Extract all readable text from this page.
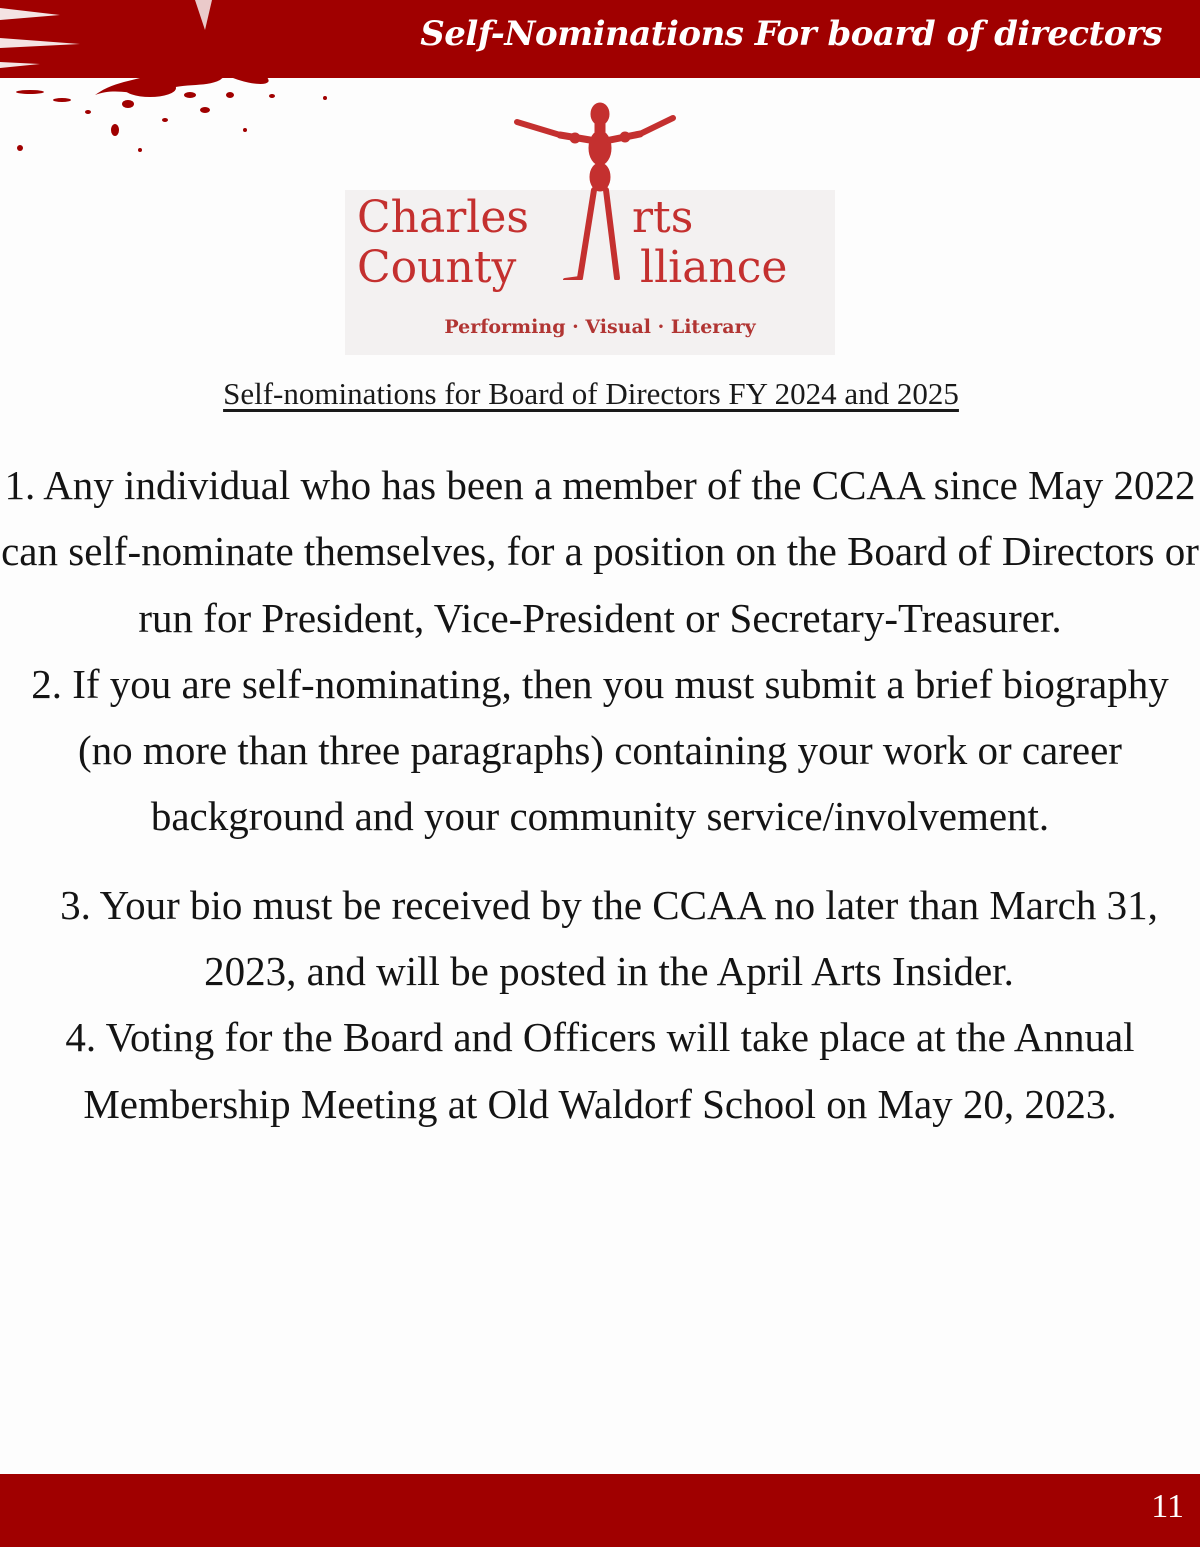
Self-Nominations For board of directors
Charles
County
rts
lliance
Performing · Visual · Literary
Self-nominations for Board of Directors FY 2024 and 2025

1. Any individual who has been a member of the CCAA since May 2022 can self-nominate themselves, for a position on the Board of Directors or run for President, Vice-President or Secretary-Treasurer.

2. If you are self-nominating, then you must submit a brief biography (no more than three paragraphs) containing your work or career background and your community service/involvement.

3. Your bio must be received by the CCAA no later than March 31, 2023, and will be posted in the April Arts Insider.

4. Voting for the Board and Officers will take place at the Annual Membership Meeting at Old Waldorf School on May 20, 2023.

11
